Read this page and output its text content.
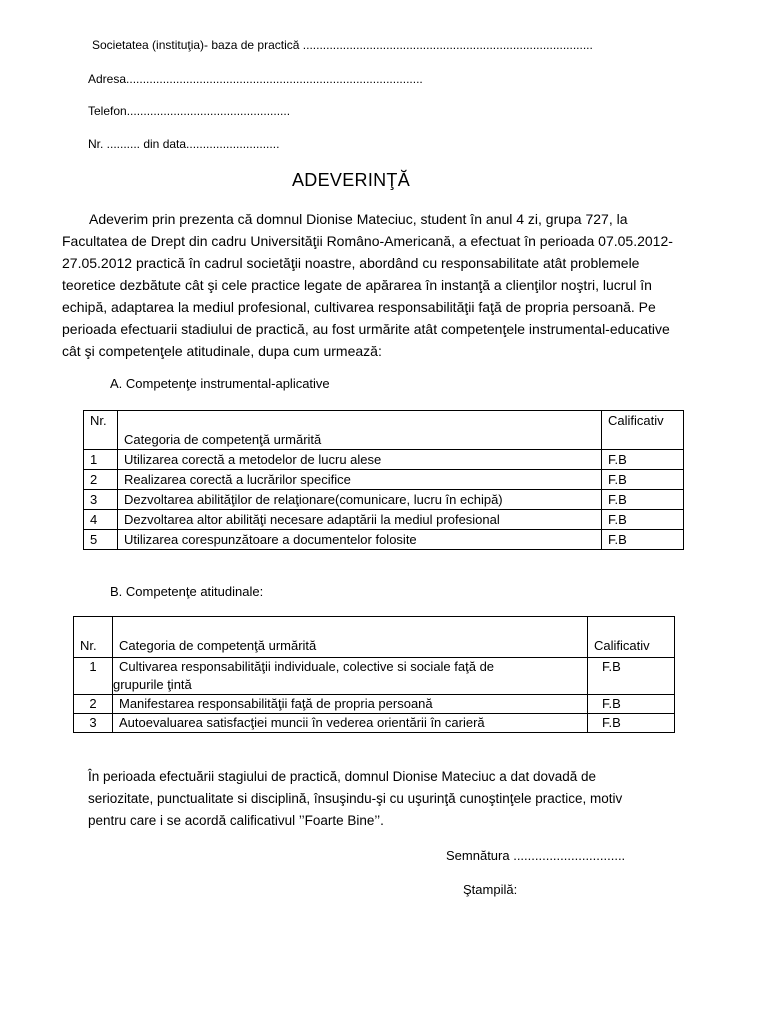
Societatea (instituţia)- baza de practică .......................................................................................
Adresa.........................................................................................
Telefon.................................................
Nr. .......... din data............................
ADEVERINŢĂ
Adeverim prin prezenta că domnul Dionise Mateciuc, student în anul 4 zi, grupa 727, la
Facultatea de Drept din cadru Universităţii Româno-Americană, a efectuat în perioada 07.05.2012-
27.05.2012 practică în cadrul societăţii noastre, abordând cu responsabilitate atât problemele
teoretice dezbătute cât şi cele practice legate de apărarea în instanţă a clienţilor noştri, lucrul în
echipă, adaptarea la mediul profesional, cultivarea responsabilităţii faţă de propria persoană. Pe
perioada efectuarii stadiului de practică, au fost urmărite atât competenţele instrumental-educative
cât şi competenţele atitudinale, dupa cum urmează:
A. Competenţe instrumental-aplicative
Nr.	Categoria de competenţă urmărită	Calificativ
1	Utilizarea corectă a metodelor de lucru alese	F.B
2	Realizarea corectă a lucrărilor specifice	F.B
3	Dezvoltarea abilităţilor de relaţionare(comunicare, lucru în echipă)	F.B
4	Dezvoltarea altor abilităţi necesare adaptării la mediul profesional	F.B
5	Utilizarea corespunzătoare a documentelor folosite	F.B
B. Competenţe atitudinale:
Nr.	Categoria de competenţă urmărită	Calificativ
1	Cultivarea responsabilităţii individuale, colective si sociale faţă de
grupurile ţintă	F.B
2	Manifestarea responsabilităţii faţă de propria persoană	F.B
3	Autoevaluarea satisfacţiei muncii în vederea orientării în carieră	F.B
În perioada efectuării stagiului de practică, domnul Dionise Mateciuc a dat dovadă de
seriozitate, punctualitate si disciplină, însuşindu-şi cu uşurinţă cunoştinţele practice, motiv
pentru care i se acordă calificativul ’’Foarte Bine’’.
Semnătura ...............................
Ştampilă:
